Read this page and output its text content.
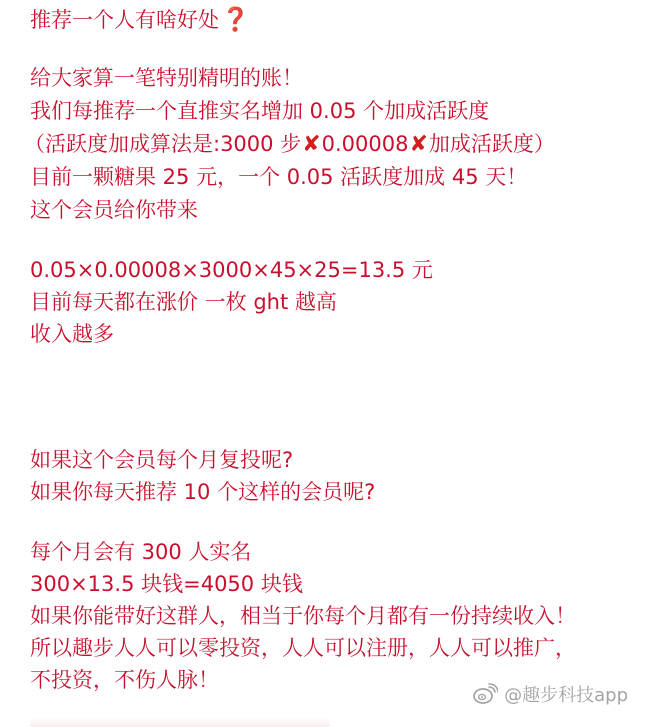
推荐一个人有啥好处❓
给大家算一笔特别精明的账！
我们每推荐一个直推实名增加 0.05 个加成活跃度
（活跃度加成算法是:3000 步✘0.00008✘加成活跃度）
目前一颗糖果 25 元，一个 0.05 活跃度加成 45 天！
这个会员给你带来
0.05×0.00008×3000×45×25=13.5 元
目前每天都在涨价 一枚 ght 越高
收入越多
如果这个会员每个月复投呢?
如果你每天推荐 10 个这样的会员呢?
每个月会有 300 人实名
300×13.5 块钱=4050 块钱
如果你能带好这群人，相当于你每个月都有一份持续收入！
所以趣步人人可以零投资，人人可以注册，人人可以推广，
不投资，不伤人脉！
@趣步科技app
